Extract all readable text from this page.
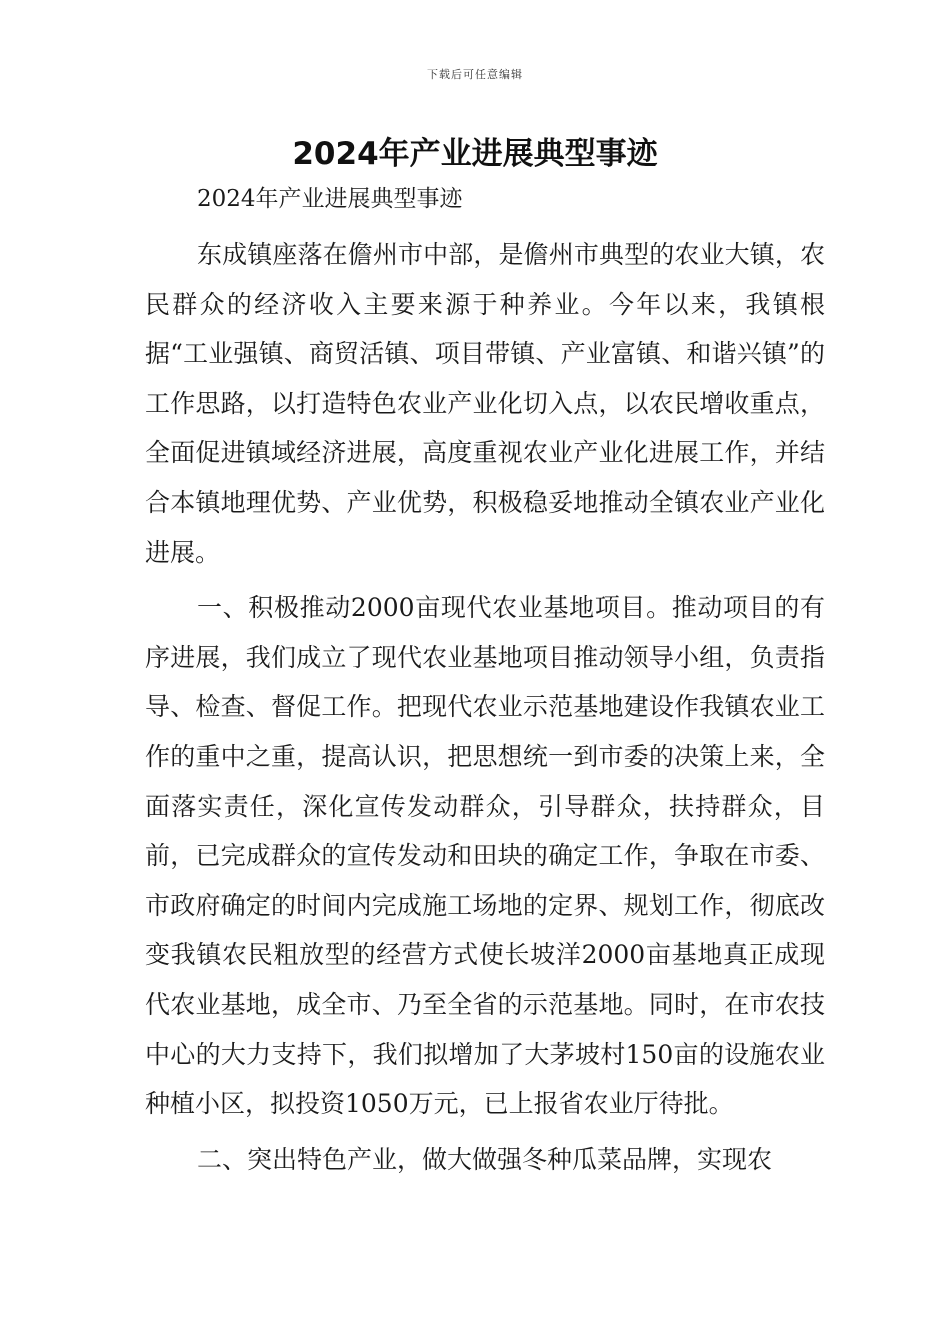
下载后可任意编辑
2024年产业进展典型事迹

2024年产业进展典型事迹

东成镇座落在儋州市中部，是儋州市典型的农业大镇，农民群众的经济收入主要来源于种养业。今年以来，我镇根据“工业强镇、商贸活镇、项目带镇、产业富镇、和谐兴镇”的工作思路，以打造特色农业产业化切入点，以农民增收重点，全面促进镇域经济进展，高度重视农业产业化进展工作，并结合本镇地理优势、产业优势，积极稳妥地推动全镇农业产业化进展。

一、积极推动2000亩现代农业基地项目。推动项目的有序进展，我们成立了现代农业基地项目推动领导小组，负责指导、检查、督促工作。把现代农业示范基地建设作我镇农业工作的重中之重，提高认识，把思想统一到市委的决策上来，全面落实责任，深化宣传发动群众，引导群众，扶持群众，目前，已完成群众的宣传发动和田块的确定工作，争取在市委、市政府确定的时间内完成施工场地的定界、规划工作，彻底改变我镇农民粗放型的经营方式使长坡洋2000亩基地真正成现代农业基地，成全市、乃至全省的示范基地。同时，在市农技中心的大力支持下，我们拟增加了大茅坡村150亩的设施农业种植小区，拟投资1050万元，已上报省农业厅待批。

二、突出特色产业，做大做强冬种瓜菜品牌，实现农
